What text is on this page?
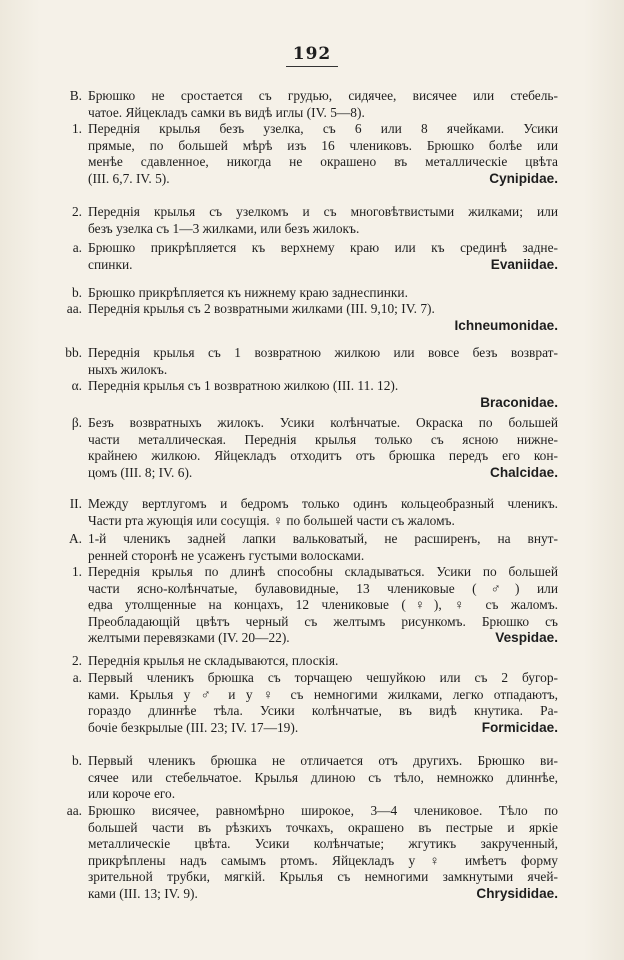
192
B. Брюшко не сростается съ грудью, сидячее, висячее или стебель-
чатое. Яйцекладъ самки въ видѣ иглы (IV. 5—8).
1. Переднія крылья безъ узелка, съ 6 или 8 ячейками. Усики
прямые, по большей мѣрѣ изъ 16 члениковъ. Брюшко болѣе или
менѣе сдавленное, никогда не окрашено въ металлическіе цвѣта
(III. 6,7. IV. 5).	Cynipidae.
2. Переднія крылья съ узелкомъ и съ многовѣтвистыми жилками; или
безъ узелка съ 1—3 жилками, или безъ жилокъ.
a. Брюшко прикрѣпляется къ верхнему краю или къ срединѣ задне-
спинки.	Evaniidae.
b. Брюшко прикрѣпляется къ нижнему краю заднеспинки.
aa. Переднія крылья съ 2 возвратными жилками (III. 9,10; IV. 7).
Ichneumonidae.
bb. Переднія крылья съ 1 возвратною жилкою или вовсе безъ возврат-
ныхъ жилокъ.
α. Переднія крылья съ 1 возвратною жилкою (III. 11. 12).
Braconidae.
β. Безъ возвратныхъ жилокъ. Усики колѣнчатые. Окраска по большей
части металлическая. Переднія крылья только съ ясною нижне-
крайнею жилкою. Яйцекладъ отходитъ отъ брюшка передъ его кон-
цомъ (III. 8; IV. 6).	Chalcidae.
II. Между вертлугомъ и бедромъ только одинъ кольцеобразный членикъ.
Части рта жующія или сосущія. ♀ по большей части съ жаломъ.
A. 1-й членикъ задней лапки вальковатый, не расширенъ, на внут-
ренней сторонѣ не усаженъ густыми волосками.
1. Переднія крылья по длинѣ способны складываться. Усики по большей
части ясно-колѣнчатые, булавовидные, 13 члениковые (♂) или
едва утолщенные на концахъ, 12 члениковые (♀), ♀ съ жаломъ.
Преобладающій цвѣтъ черный съ желтымъ рисункомъ. Брюшко съ
желтыми перевязками (IV. 20—22).	Vespidae.
2. Переднія крылья не складываются, плоскія.
a. Первый членикъ брюшка съ торчащею чешуйкою или съ 2 бугор-
ками. Крылья у ♂ и у ♀ съ немногими жилками, легко отпадаютъ,
гораздо длиннѣе тѣла. Усики колѣнчатые, въ видѣ кнутика. Ра-
бочіе безкрылые (III. 23; IV. 17—19).	Formicidae.
b. Первый членикъ брюшка не отличается отъ другихъ. Брюшко ви-
сячее или стебельчатое. Крылья длиною съ тѣло, немножко длиннѣе,
или короче его.
aa. Брюшко висячее, равномѣрно широкое, 3—4 члениковое. Тѣло по
большей части въ рѣзкихъ точкахъ, окрашено въ пестрые и яркіе
металлическіе цвѣта. Усики колѣнчатые; жгутикъ закрученный,
прикрѣплены надъ самымъ ртомъ. Яйцекладъ у ♀ имѣетъ форму
зрительной трубки, мягкій. Крылья съ немногими замкнутыми ячей-
ками (III. 13; IV. 9).	Chrysididae.
